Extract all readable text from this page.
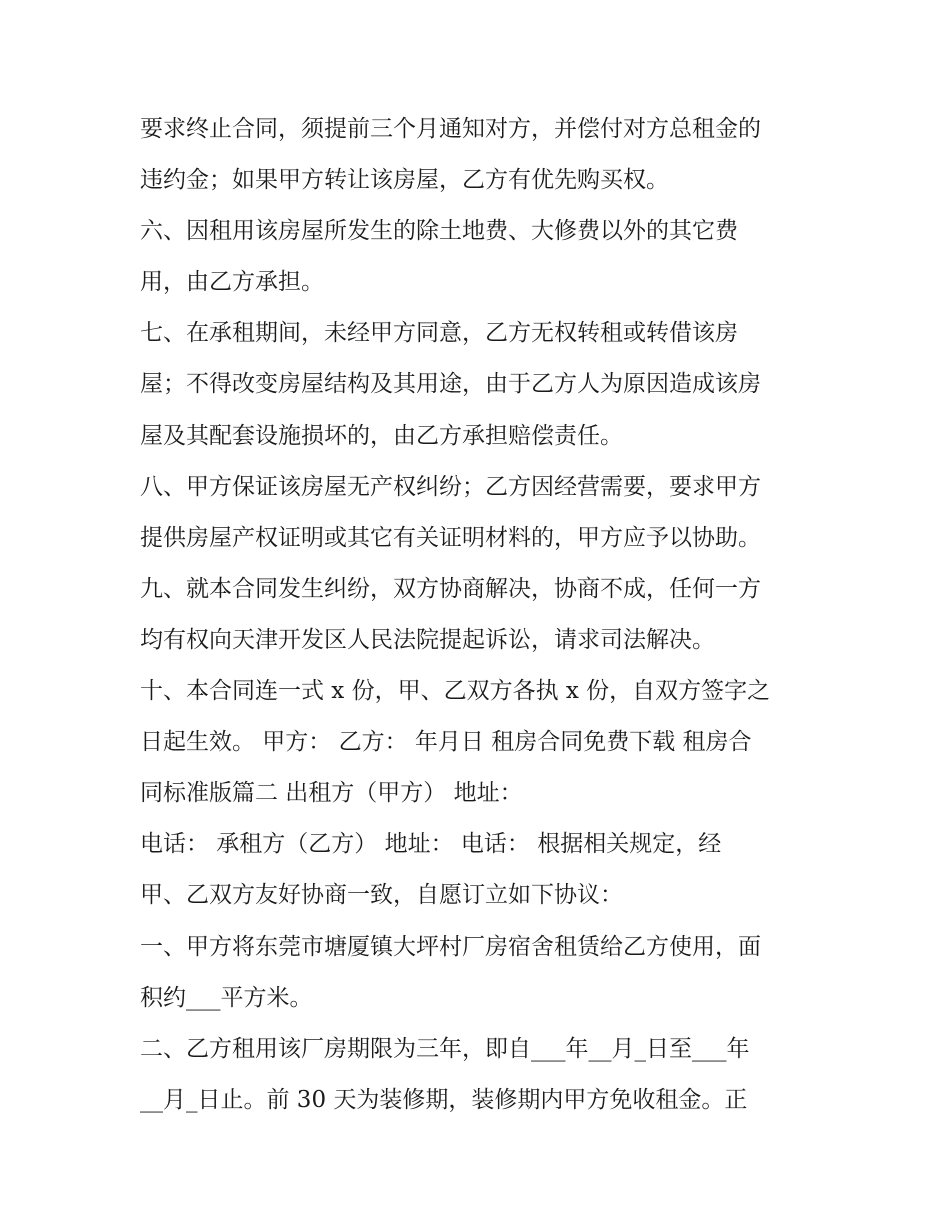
要求终止合同，须提前三个月通知对方，并偿付对方总租金的
违约金；如果甲方转让该房屋，乙方有优先购买权。
六、因租用该房屋所发生的除土地费、大修费以外的其它费
用，由乙方承担。
七、在承租期间，未经甲方同意，乙方无权转租或转借该房
屋；不得改变房屋结构及其用途，由于乙方人为原因造成该房
屋及其配套设施损坏的，由乙方承担赔偿责任。
八、甲方保证该房屋无产权纠纷；乙方因经营需要，要求甲方
提供房屋产权证明或其它有关证明材料的，甲方应予以协助。
九、就本合同发生纠纷，双方协商解决，协商不成，任何一方
均有权向天津开发区人民法院提起诉讼，请求司法解决。
十、本合同连一式 x 份，甲、乙双方各执 x 份，自双方签字之
日起生效。 甲方： 乙方： 年月日 租房合同免费下载 租房合
同标准版篇二 出租方（甲方） 地址：
电话： 承租方（乙方） 地址： 电话： 根据相关规定，经
甲、乙双方友好协商一致，自愿订立如下协议：
一、甲方将东莞市塘厦镇大坪村厂房宿舍租赁给乙方使用，面
积约___平方米。
二、乙方租用该厂房期限为三年，即自___年__月_日至___年
__月_日止。前 30 天为装修期，装修期内甲方免收租金。正
